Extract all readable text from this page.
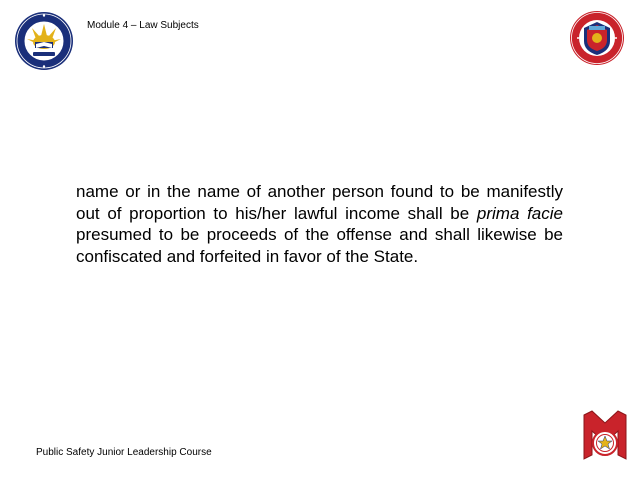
Module 4 – Law Subjects

name or in the name of another person found to be manifestly out of proportion to his/her lawful income shall be prima facie presumed to be proceeds of the offense and shall likewise be confiscated and forfeited in favor of the State.

Public Safety Junior Leadership Course
